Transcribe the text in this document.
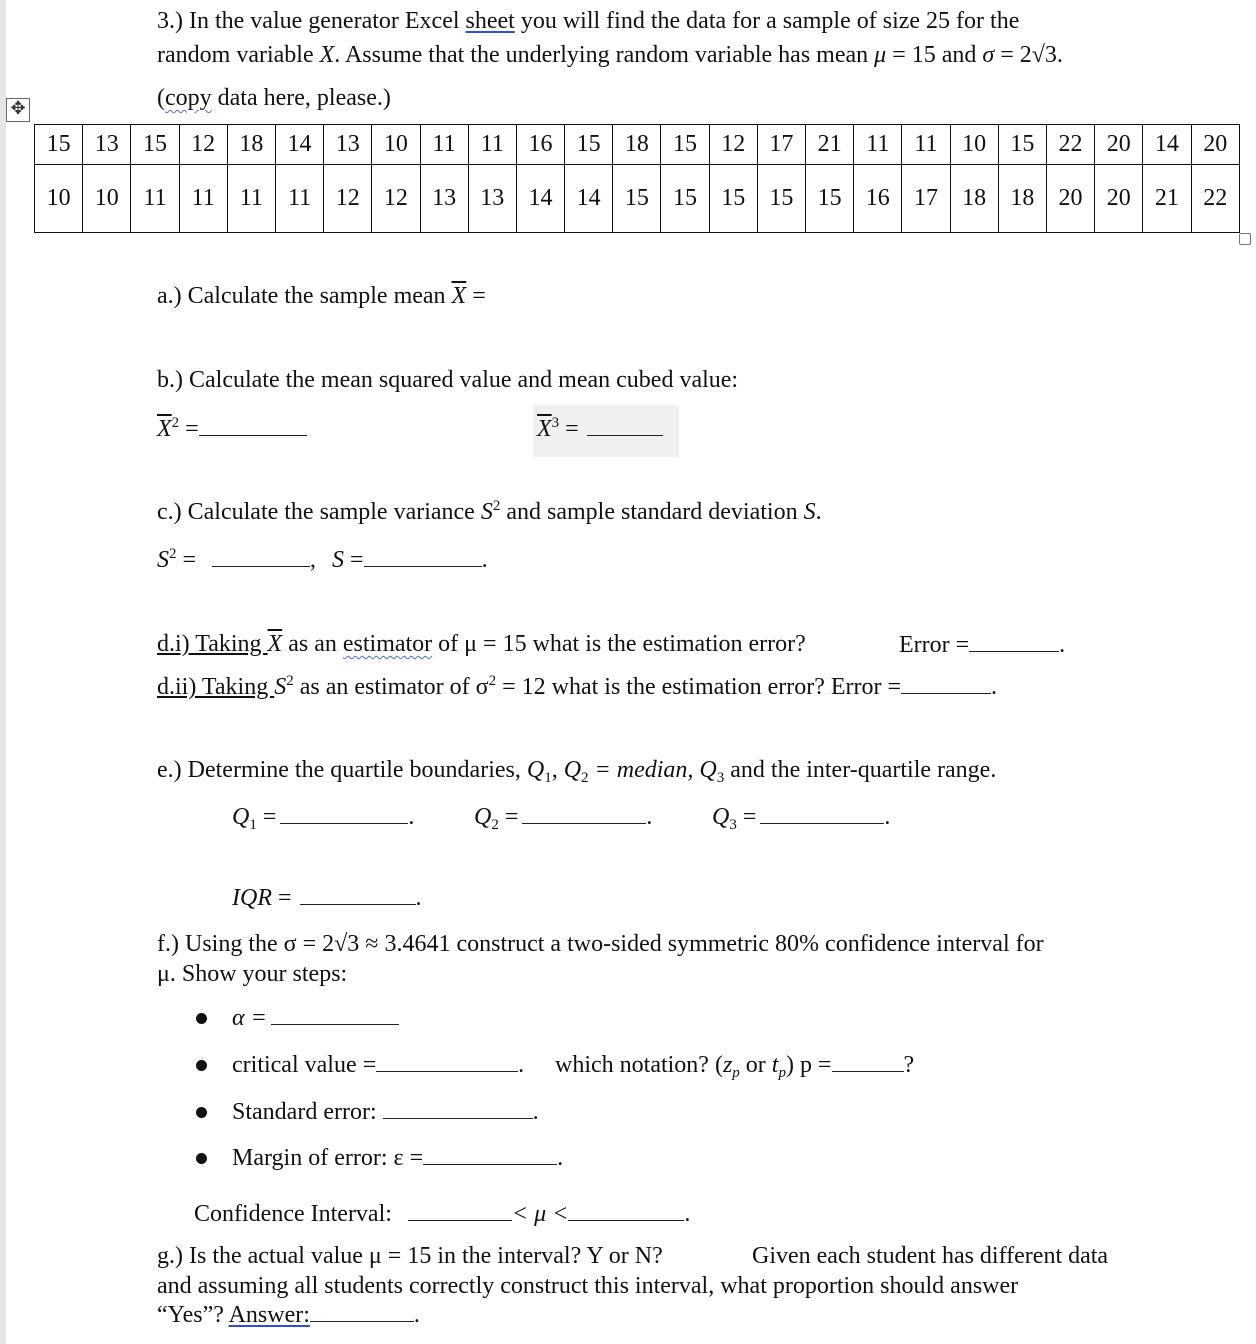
3.) In the value generator Excel sheet you will find the data for a sample of size 25 for the
random variable X. Assume that the underlying random variable has mean μ = 15 and σ = 2√3.
(copy data here, please.)
✥
15	13	15	12	18	14	13	10	11	11	16	15	18	15	12	17	21	11	11	10	15	22	20	14	20
10	10	11	11	11	11	12	12	13	13	14	14	15	15	15	15	15	16	17	18	18	20	20	21	22
a.) Calculate the sample mean $\overline{X}$ =
b.) Calculate the mean squared value and mean cubed value:
$\overline{X}^2$ =	$\overline{X}^3$ =
c.) Calculate the sample variance $S^2$ and sample standard deviation S.
$S^2$ =	, S =	.
d.i) Taking $\overline{X}$ as an estimator of μ = 15 what is the estimation error?	Error =	.
d.ii) Taking $S^2$ as an estimator of $\sigma^2 = 12$ what is the estimation error? Error =	.
e.) Determine the quartile boundaries, $Q_1$, $Q_2$ = median, $Q_3$ and the inter-quartile range.
$Q_1$ =	. $Q_2$ =	. $Q_3$ =	.
IQR =	.
f.) Using the σ = 2√3 ≈ 3.4641 construct a two-sided symmetric 80% confidence interval for
μ. Show your steps:
α =
critical value =	. which notation? ($z_p$ or $t_p$) p =	?
Standard error:	.
Margin of error: ε =	.
Confidence Interval:	< μ <	.
g.) Is the actual value μ = 15 in the interval? Y or N?	Given each student has different data
and assuming all students correctly construct this interval, what proportion should answer
“Yes”? Answer:	.
